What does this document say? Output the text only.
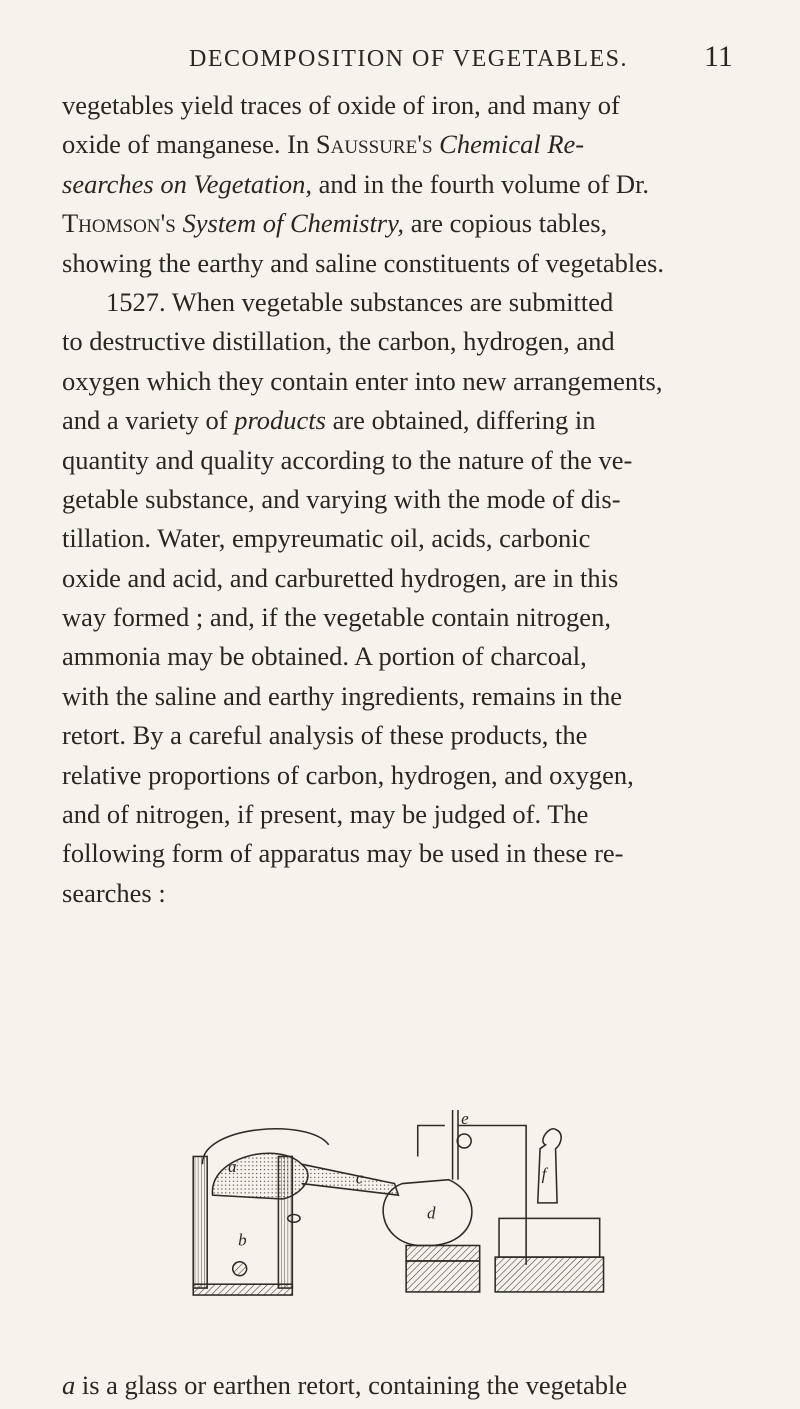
DECOMPOSITION OF VEGETABLES.	11
vegetables yield traces of oxide of iron, and many of
oxide of manganese. In Saussure's Chemical Re-
searches on Vegetation, and in the fourth volume of Dr.
Thomson's System of Chemistry, are copious tables,
showing the earthy and saline constituents of vegetables.
1527. When vegetable substances are submitted
to destructive distillation, the carbon, hydrogen, and
oxygen which they contain enter into new arrangements,
and a variety of products are obtained, differing in
quantity and quality according to the nature of the ve-
getable substance, and varying with the mode of dis-
tillation. Water, empyreumatic oil, acids, carbonic
oxide and acid, and carburetted hydrogen, are in this
way formed ; and, if the vegetable contain nitrogen,
ammonia may be obtained. A portion of charcoal,
with the saline and earthy ingredients, remains in the
retort. By a careful analysis of these products, the
relative proportions of carbon, hydrogen, and oxygen,
and of nitrogen, if present, may be judged of. The
following form of apparatus may be used in these re-
searches :
a
b
c
d
e
f
a is a glass or earthen retort, containing the vegetable
